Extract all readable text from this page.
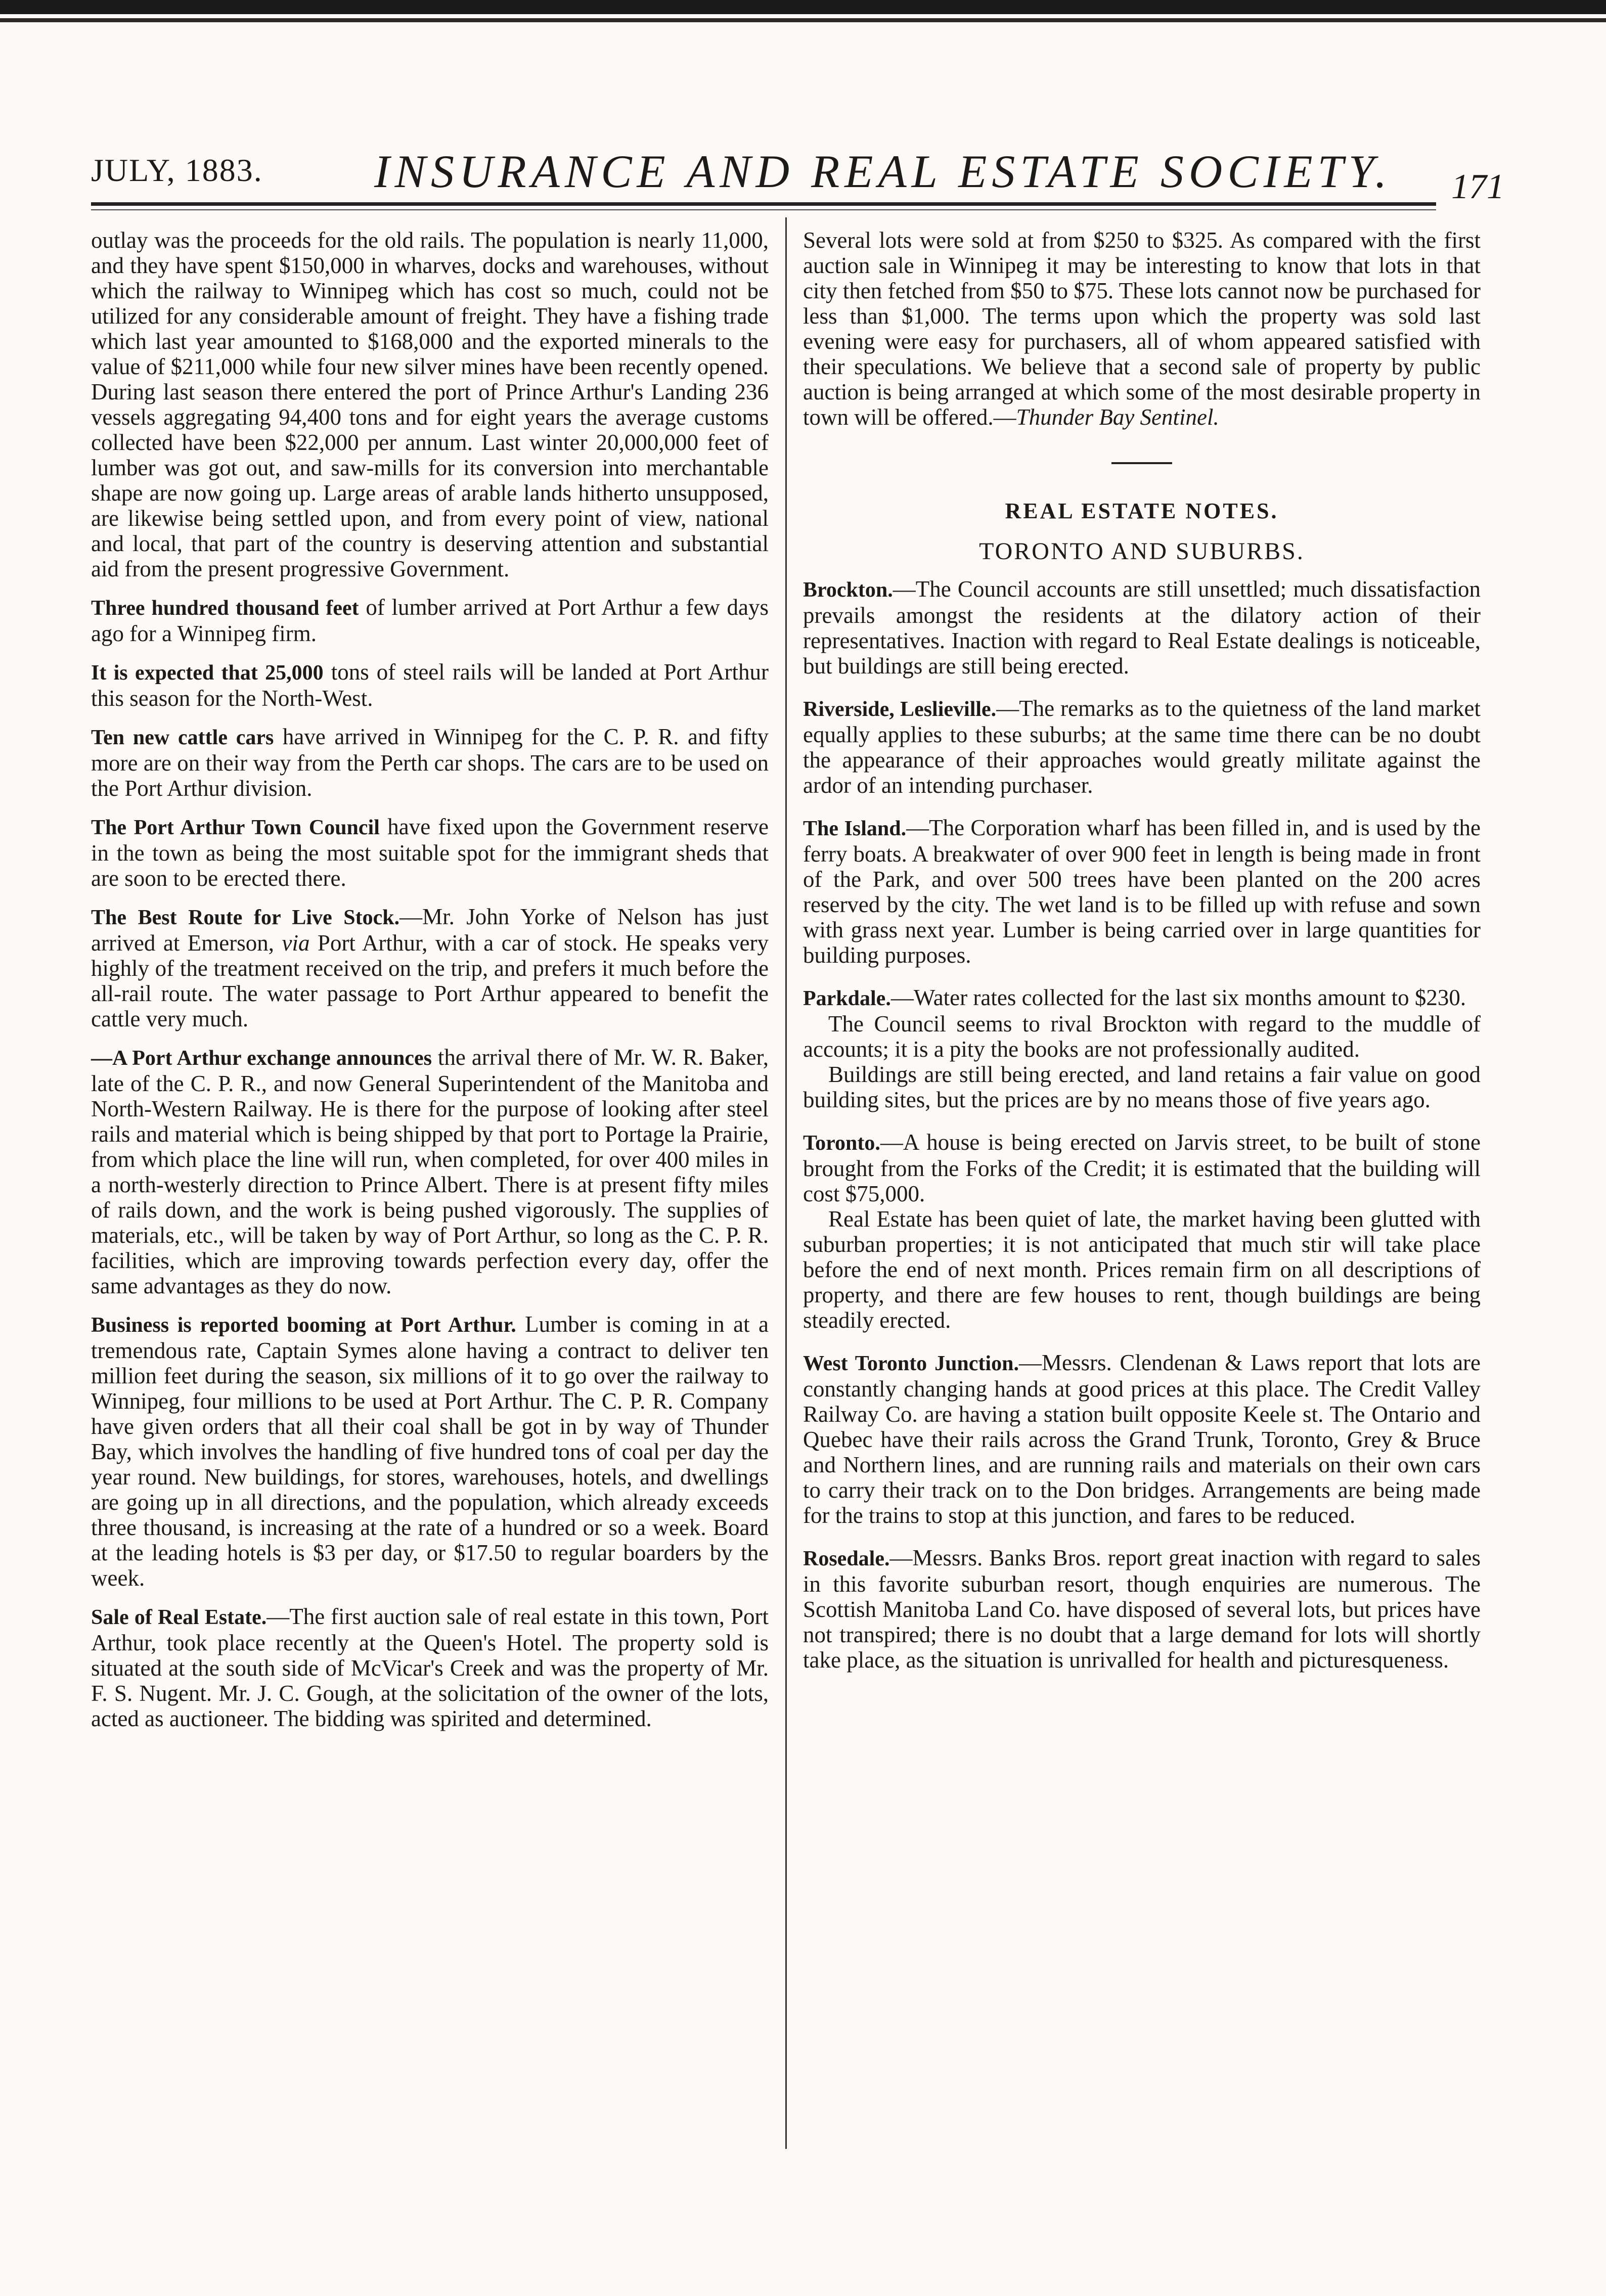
JULY, 1883. INSURANCE AND REAL ESTATE SOCIETY. 171

outlay was the proceeds for the old rails. The population is nearly 11,000, and they have spent $150,000 in wharves, docks and warehouses, without which the railway to Winnipeg which has cost so much, could not be utilized for any considerable amount of freight. They have a fishing trade which last year amounted to $168,000 and the exported minerals to the value of $211,000 while four new silver mines have been recently opened. During last season there entered the port of Prince Arthur's Landing 236 vessels aggregating 94,400 tons and for eight years the average customs collected have been $22,000 per annum. Last winter 20,000,000 feet of lumber was got out, and saw-mills for its conversion into merchantable shape are now going up. Large areas of arable lands hitherto unsupposed, are likewise being settled upon, and from every point of view, national and local, that part of the country is deserving attention and substantial aid from the present progressive Government.

Three hundred thousand feet of lumber arrived at Port Arthur a few days ago for a Winnipeg firm.

It is expected that 25,000 tons of steel rails will be landed at Port Arthur this season for the North-West.

Ten new cattle cars have arrived in Winnipeg for the C. P. R. and fifty more are on their way from the Perth car shops. The cars are to be used on the Port Arthur division.

The Port Arthur Town Council have fixed upon the Government reserve in the town as being the most suitable spot for the immigrant sheds that are soon to be erected there.

The Best Route for Live Stock.—Mr. John Yorke of Nelson has just arrived at Emerson, via Port Arthur, with a car of stock. He speaks very highly of the treatment received on the trip, and prefers it much before the all-rail route. The water passage to Port Arthur appeared to benefit the cattle very much.

—A Port Arthur exchange announces the arrival there of Mr. W. R. Baker, late of the C. P. R., and now General Superintendent of the Manitoba and North-Western Railway. He is there for the purpose of looking after steel rails and material which is being shipped by that port to Portage la Prairie, from which place the line will run, when completed, for over 400 miles in a north-westerly direction to Prince Albert. There is at present fifty miles of rails down, and the work is being pushed vigorously. The supplies of materials, etc., will be taken by way of Port Arthur, so long as the C. P. R. facilities, which are improving towards perfection every day, offer the same advantages as they do now.

Business is reported booming at Port Arthur. Lumber is coming in at a tremendous rate, Captain Symes alone having a contract to deliver ten million feet during the season, six millions of it to go over the railway to Winnipeg, four millions to be used at Port Arthur. The C. P. R. Company have given orders that all their coal shall be got in by way of Thunder Bay, which involves the handling of five hundred tons of coal per day the year round. New buildings, for stores, warehouses, hotels, and dwellings are going up in all directions, and the population, which already exceeds three thousand, is increasing at the rate of a hundred or so a week. Board at the leading hotels is $3 per day, or $17.50 to regular boarders by the week.

Sale of Real Estate.—The first auction sale of real estate in this town, Port Arthur, took place recently at the Queen's Hotel. The property sold is situated at the south side of McVicar's Creek and was the property of Mr. F. S. Nugent. Mr. J. C. Gough, at the solicitation of the owner of the lots, acted as auctioneer. The bidding was spirited and determined.

Several lots were sold at from $250 to $325. As compared with the first auction sale in Winnipeg it may be interesting to know that lots in that city then fetched from $50 to $75. These lots cannot now be purchased for less than $1,000. The terms upon which the property was sold last evening were easy for purchasers, all of whom appeared satisfied with their speculations. We believe that a second sale of property by public auction is being arranged at which some of the most desirable property in town will be offered.—Thunder Bay Sentinel.

REAL ESTATE NOTES.
TORONTO AND SUBURBS.

Brockton.—The Council accounts are still unsettled; much dissatisfaction prevails amongst the residents at the dilatory action of their representatives. Inaction with regard to Real Estate dealings is noticeable, but buildings are still being erected.

Riverside, Leslieville.—The remarks as to the quietness of the land market equally applies to these suburbs; at the same time there can be no doubt the appearance of their approaches would greatly militate against the ardor of an intending purchaser.

The Island.—The Corporation wharf has been filled in, and is used by the ferry boats. A breakwater of over 900 feet in length is being made in front of the Park, and over 500 trees have been planted on the 200 acres reserved by the city. The wet land is to be filled up with refuse and sown with grass next year. Lumber is being carried over in large quantities for building purposes.

Parkdale.—Water rates collected for the last six months amount to $230.

The Council seems to rival Brockton with regard to the muddle of accounts; it is a pity the books are not professionally audited.

Buildings are still being erected, and land retains a fair value on good building sites, but the prices are by no means those of five years ago.

Toronto.—A house is being erected on Jarvis street, to be built of stone brought from the Forks of the Credit; it is estimated that the building will cost $75,000.

Real Estate has been quiet of late, the market having been glutted with suburban properties; it is not anticipated that much stir will take place before the end of next month. Prices remain firm on all descriptions of property, and there are few houses to rent, though buildings are being steadily erected.

West Toronto Junction.—Messrs. Clendenan & Laws report that lots are constantly changing hands at good prices at this place. The Credit Valley Railway Co. are having a station built opposite Keele st. The Ontario and Quebec have their rails across the Grand Trunk, Toronto, Grey & Bruce and Northern lines, and are running rails and materials on their own cars to carry their track on to the Don bridges. Arrangements are being made for the trains to stop at this junction, and fares to be reduced.

Rosedale.—Messrs. Banks Bros. report great inaction with regard to sales in this favorite suburban resort, though enquiries are numerous. The Scottish Manitoba Land Co. have disposed of several lots, but prices have not transpired; there is no doubt that a large demand for lots will shortly take place, as the situation is unrivalled for health and picturesqueness.
